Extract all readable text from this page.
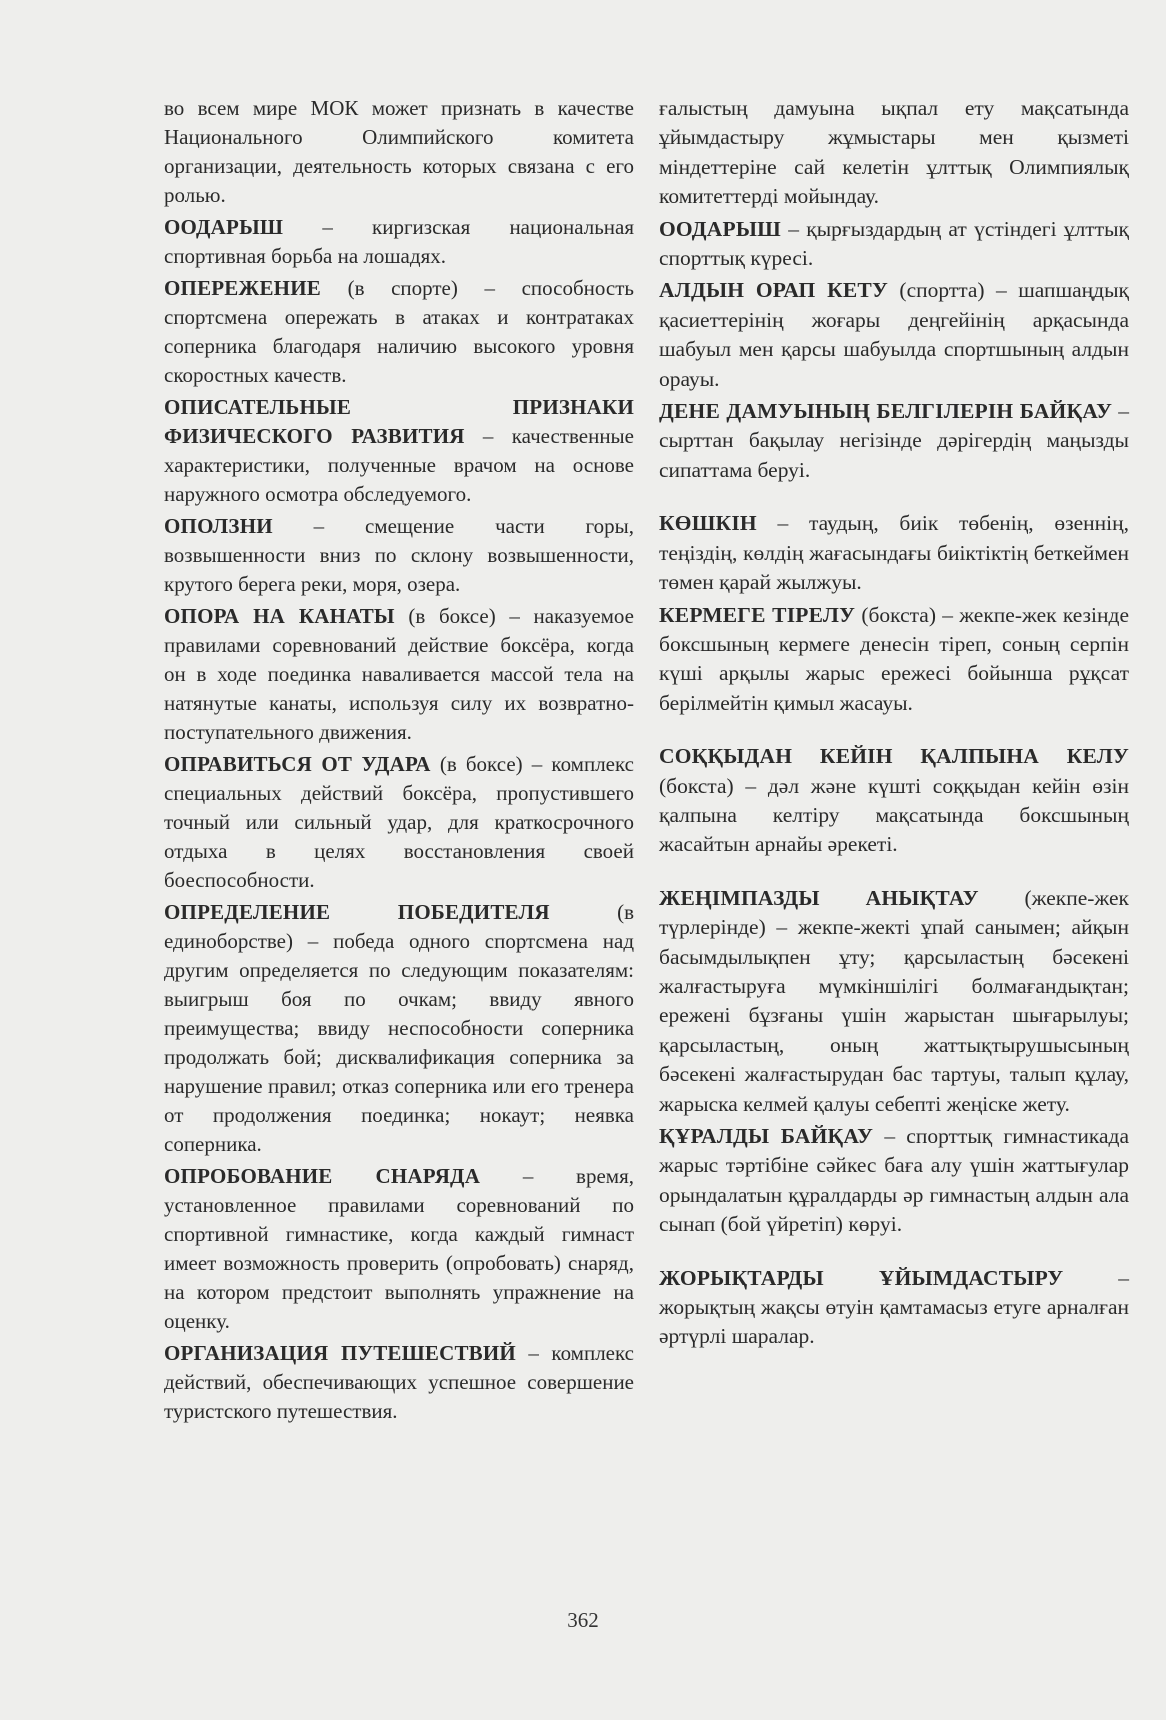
во всем мире МОК может признать в качестве Национального Олимпийского комитета организации, деятельность которых связана с его ролью.

ООДАРЫШ – киргизская национальная спортивная борьба на лошадях.

ОПЕРЕЖЕНИЕ (в спорте) – способность спортсмена опережать в атаках и контратаках соперника благодаря наличию высокого уровня скоростных качеств.

ОПИСАТЕЛЬНЫЕ ПРИЗНАКИ ФИЗИЧЕСКОГО РАЗВИТИЯ – качественные характеристики, полученные врачом на основе наружного осмотра обследуемого.

ОПОЛЗНИ – смещение части горы, возвышенности вниз по склону возвышенности, крутого берега реки, моря, озера.

ОПОРА НА КАНАТЫ (в боксе) – наказуемое правилами соревнований действие боксёра, когда он в ходе поединка наваливается массой тела на натянутые канаты, используя силу их возвратно-поступательного движения.

ОПРАВИТЬСЯ ОТ УДАРА (в боксе) – комплекс специальных действий боксёра, пропустившего точный или сильный удар, для краткосрочного отдыха в целях восстановления своей боеспособности.

ОПРЕДЕЛЕНИЕ ПОБЕДИТЕЛЯ (в единоборстве) – победа одного спортсмена над другим определяется по следующим показателям: выигрыш боя по очкам; ввиду явного преимущества; ввиду неспособности соперника продолжать бой; дисквалификация соперника за нарушение правил; отказ соперника или его тренера от продолжения поединка; нокаут; неявка соперника.

ОПРОБОВАНИЕ СНАРЯДА – время, установленное правилами соревнований по спортивной гимнастике, когда каждый гимнаст имеет возможность проверить (опробовать) снаряд, на котором предстоит выполнять упражнение на оценку.

ОРГАНИЗАЦИЯ ПУТЕШЕСТВИЙ – комплекс действий, обеспечивающих успешное совершение туристского путешествия.

ғалыстың дамуына ықпал ету мақсатында ұйымдастыру жұмыстары мен қызметі міндеттеріне сай келетін ұлттық Олимпиялық комитеттерді мойындау.

ООДАРЫШ – қырғыздардың ат үстіндегі ұлттық спорттық күресі.

АЛДЫН ОРАП КЕТУ (спортта) – шапшаңдық қасиеттерінің жоғары деңгейінің арқасында шабуыл мен қарсы шабуылда спортшының алдын орауы.

ДЕНЕ ДАМУЫНЫҢ БЕЛГІЛЕРІН БАЙҚАУ – сырттан бақылау негізінде дәрігердің маңызды сипаттама беруі.

КӨШКІН – таудың, биік төбенің, өзеннің, теңіздің, көлдің жағасындағы биіктіктің беткеймен төмен қарай жылжуы.

КЕРМЕГЕ ТІРЕЛУ (бокста) – жекпе-жек кезінде боксшының кермеге денесін тіреп, соның серпін күші арқылы жарыс ережесі бойынша рұқсат берілмейтін қимыл жасауы.

СОҚҚЫДАН КЕЙІН ҚАЛПЫНА КЕЛУ (бокста) – дәл және күшті соққыдан кейін өзін қалпына келтіру мақсатында боксшының жасайтын арнайы әрекеті.

ЖЕҢІМПАЗДЫ АНЫҚТАУ (жекпе-жек түрлерінде) – жекпе-жекті ұпай санымен; айқын басымдылықпен ұту; қарсыластың бәсекені жалғастыруға мүмкіншілігі болмағандықтан; ережені бұзғаны үшін жарыстан шығарылуы; қарсыластың, оның жаттықтырушысының бәсекені жалғастырудан бас тартуы, талып құлау, жарыска келмей қалуы себепті жеңіске жету.

ҚҰРАЛДЫ БАЙҚАУ – спорттық гимнастикада жарыс тәртібіне сәйкес баға алу үшін жаттығулар орындалатын құралдарды әр гимнастың алдын ала сынап (бой үйретіп) көруі.

ЖОРЫҚТАРДЫ ҰЙЫМДАСТЫРУ – жорықтың жақсы өтуін қамтамасыз етуге арналған әртүрлі шаралар.

362
